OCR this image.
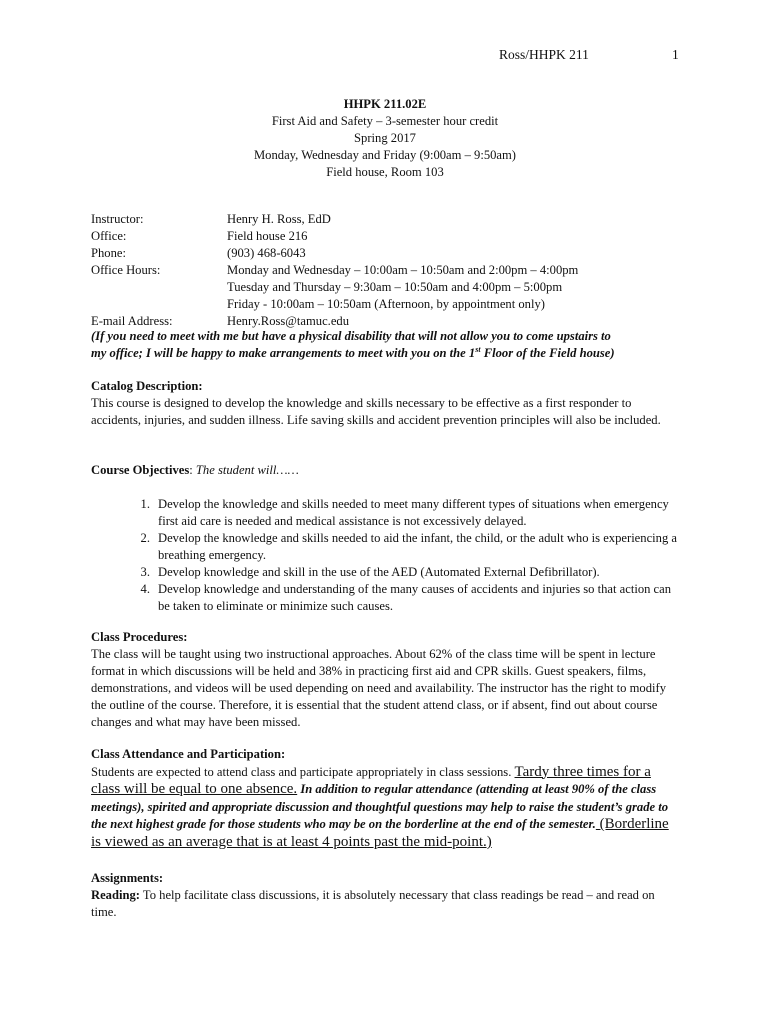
Ross/HHPK 211	1
HHPK 211.02E
First Aid and Safety – 3-semester hour credit
Spring 2017
Monday, Wednesday and Friday (9:00am – 9:50am)
Field house, Room 103
Instructor:	Henry H. Ross, EdD
Office:	Field house 216
Phone:	(903) 468-6043
Office Hours:	Monday and Wednesday – 10:00am – 10:50am and 2:00pm – 4:00pm
Tuesday and Thursday – 9:30am – 10:50am and 4:00pm – 5:00pm
Friday - 10:00am – 10:50am (Afternoon, by appointment only)
E-mail Address:	Henry.Ross@tamuc.edu
(If you need to meet with me but have a physical disability that will not allow you to come upstairs to
my office; I will be happy to make arrangements to meet with you on the 1st Floor of the Field house)
Catalog Description:
This course is designed to develop the knowledge and skills necessary to be effective as a first responder to accidents, injuries, and sudden illness. Life saving skills and accident prevention principles will also be included.
Course Objectives: The student will……
1. Develop the knowledge and skills needed to meet many different types of situations when emergency first aid care is needed and medical assistance is not excessively delayed.
2. Develop the knowledge and skills needed to aid the infant, the child, or the adult who is experiencing a breathing emergency.
3. Develop knowledge and skill in the use of the AED (Automated External Defibrillator).
4. Develop knowledge and understanding of the many causes of accidents and injuries so that action can be taken to eliminate or minimize such causes.
Class Procedures:
The class will be taught using two instructional approaches. About 62% of the class time will be spent in lecture format in which discussions will be held and 38% in practicing first aid and CPR skills. Guest speakers, films, demonstrations, and videos will be used depending on need and availability. The instructor has the right to modify the outline of the course. Therefore, it is essential that the student attend class, or if absent, find out about course changes and what may have been missed.
Class Attendance and Participation:
Students are expected to attend class and participate appropriately in class sessions. Tardy three times for a class will be equal to one absence. In addition to regular attendance (attending at least 90% of the class meetings), spirited and appropriate discussion and thoughtful questions may help to raise the student’s grade to the next highest grade for those students who may be on the borderline at the end of the semester. (Borderline is viewed as an average that is at least 4 points past the mid-point.)
Assignments:
Reading: To help facilitate class discussions, it is absolutely necessary that class readings be read – and read on time.
